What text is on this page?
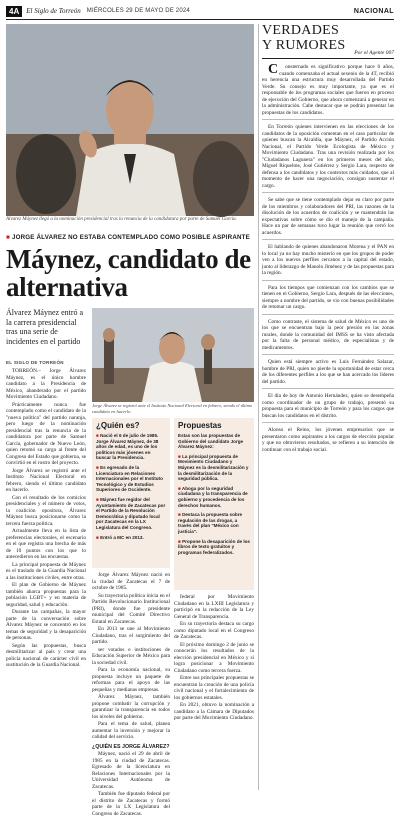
4A	El Siglo de Torreón MIÉRCOLES 29 DE MAYO DE 2024	NACIONAL
Álvarez Máynez llegó a la nominación presidencial tras la renuncia de la candidatura por parte de Samuel García.
■ JORGE ÁLVAREZ NO ESTABA CONTEMPLADO COMO POSIBLE ASPIRANTE
Máynez, candidato de alternativa
Álvarez Máynez entró a la carrera presidencial tras una serie de incidentes en el partido
EL SIGLO DE TORREÓN
Jorge Álvarez se registró ante el Instituto Nacional Electoral en febrero, siendo el último candidato en hacerlo.

TORREÓN.– Jorge Álvarez Máynez, es el único hombre candidato a la Presidencia de México, abanderado por el partido Movimiento Ciudadano.

Prácticamente nunca fue contemplado como el candidato de la "nueva política" del partido naranja, pero luego de la nominación presidencial tras la renuncia de la candidatura por parte de Samuel García, gobernador de Nuevo León, quien retomó su cargo al frente del Congreso del Estado que gobierna, se convirtió en el rostro del proyecto.

Jorge Álvarez se registró ante el Instituto Nacional Electoral en febrero, siendo el último candidato en hacerlo.

Con el resultado de los comicios presidenciales y el número de votos, la coalición opositora, Álvarez Máynez busca posicionarse como la tercera fuerza política.

Actualmente lleva en la lista de preferencias electorales, el escenario en el que registra una brecha de más de 10 puntos con los que lo antecedieron en las encuestas.

La principal propuesta de Máynez es el traslado de la Guardia Nacional a las instituciones civiles, entre otras.

El plan de Gobierno de Máynez también abarca propuestas para la población LGBT+ y en materia de seguridad, salud y educación.

Durante las campañas, la mayor parte de la conversación sobre Álvarez Máynez se concentró en los temas de seguridad y la desaparición de personas.

Según las propuestas, busca desmilitarizar al país y crear una policía nacional de carácter civil en sustitución de la Guardia Nacional.

¿Quién es?
■ Nació el 6 de julio de 1985. Jorge Álvarez Máynez, de 38 años de edad, es uno de los políticos más jóvenes en buscar la Presidencia.
■ Es egresado de la Licenciatura en Relaciones Internacionales por el Instituto Tecnológico y de Estudios Superiores de Occidente.
■ Máynez fue regidor del Ayuntamiento de Zacatecas por el Partido de la Revolución Democrática y diputado local por Zacatecas en la LX Legislatura del Congreso.
■ Entró a MC en 2013.

Jorge Álvarez Máynez nació en la ciudad de Zacatecas el 7 de octubre de 1985.

Su trayectoria política inicia en el Partido Revolucionario Institucional (PRI), donde fue presidente municipal del Comité Directivo Estatal en Zacatecas.

En 2013 se une al Movimiento Ciudadano, tras el surgimiento del partido.

ser votados e instituciones de Educación Superior de México para la sociedad civil.

Para la economía nacional, su propuesta incluye un paquete de reformas para el apoyo de las pequeñas y medianas empresas.

Álvarez Máynez, también propone combatir la corrupción y garantizar la transparencia en todos los niveles del gobierno.

Para el tema de salud, planea aumentar la inversión y mejorar la calidad del servicio.

¿QUIÉN ES JORGE ÁLVAREZ?

Máynez, nació el 29 de abril de 1985 en la ciudad de Zacatecas. Egresado de la licenciatura en Relaciones Internacionales por la Universidad Autónoma de Zacatecas.

También fue diputado federal por el distrito de Zacatecas y formó parte de la LX Legislatura del Congreso de Zacatecas.

Propuestas
Estas son las propuestas de Gobierno del candidato Jorge Álvarez Máynez:
■ La principal propuesta de Movimiento Ciudadano y Máynez es la desmilitarización y la desmilitarización de la seguridad pública.
■ Aboga por la seguridad ciudadana y la transparencia de gobierno y procedencia de los derechos humanos.
■ Destaca la propuesta sobre regulación de las drogas, a través del plan "México con justicia".
■ Propone la desaparición de los libros de texto gratuitos y programas federalizados.

federal por Movimiento Ciudadano en la LXIII Legislatura y participó en la redacción de la Ley General de Transparencia.

En su trayectoria destaca su cargo como diputado local en el Congreso de Zacatecas.

El próximo domingo 2 de junio se conocerán los resultados de la elección presidencial en México y si logra posicionar a Movimiento Ciudadano como tercera fuerza.

Entre sus principales propuestas se encuentran la creación de una policía civil nacional y el fortalecimiento de los gobiernos estatales.

En 2021, obtuvo la nominación a candidato a la Cámara de Diputados por parte del Movimiento Ciudadano.

VERDADES
Y RUMORES
Por el Agente 007

Consternado es significativo porque hace 6 años, cuando comenzaba el actual sexenio de la 4T, recibió en herencia una estructura muy desarrollada del Partido Verde. Su consejo es muy importante, ya que es el responsable de los programas sociales que fueron en proceso de ejecución del Gobierno, que ahora comenzará a generar en la administración. Cabe destacar que se podrán presentar las propuestas de los candidatos.

En Torreón quienes intervienen en las elecciones de los candidatos de la oposición comentan en el caso particular de quienes buscan la Alcaldía, que Máynez, el Partido Acción Nacional, el Partido Verde Ecologista de México y Movimiento Ciudadano. Tras una revisión realizada por los "Ciudadanos Lagunera" en los primeros meses del año, Miguel Riquelme, José Gutiérrez y Sergio Lara, respecto de defensa a los candidatos y los contextos más cuidados, que al momento de hacer una negociación, consigan sustentar el cargo.

Se sabe que se tiene contemplado dejar en claro por parte de los miembros y colaboradores del PRI, las razones de la disolución de los acuerdos de coalición y se mantendrán las expectativas sobre cómo se dio el manejo de la campaña. Hace un par de semanas tuvo lugar la reunión que cerró los acuerdos.

El hablando de quienes abandonaron Morena y el PAN en lo local ya no hay mucho misterio en que los grupos de poder ven a los nuevos perfiles cercanos a la capital del estado, junto al liderazgo de Manolo Jiménez y de las propuestas para la región.

Para los tiempos que comienzan con los cambios que se tienen en el Gobierno, Sergio Lara, después de las elecciones, siempre a nombre del partido, se vio con buenas posibilidades de retomar un cargo.

Como contraste, el sistema de salud de México es uno de los que se encuentran bajo la peor presión en las zonas rurales, donde la comunidad del IMSS se ha visto afectada por la falta de personal médico, de especialistas y de medicamentos.

Quien está siempre activo es Luis Fernández Salazar, hombre de PRI, quien no pierde la oportunidad de estar cerca de los diferentes perfiles a los que se han acercado los líderes del partido.

El día de hoy de Antonio Hernández, quien se desempeña como coordinador de un grupo de trabajo, presentó su propuesta para el municipio de Torreón y para los cargos que buscan los candidatos en el distrito.

Alonso el Reino, los jóvenes empresarios que se presentaron como aspirantes a los cargos de elección popular y que no obtuvieron resultados, se refieren a su intención de continuar con el trabajo social.
